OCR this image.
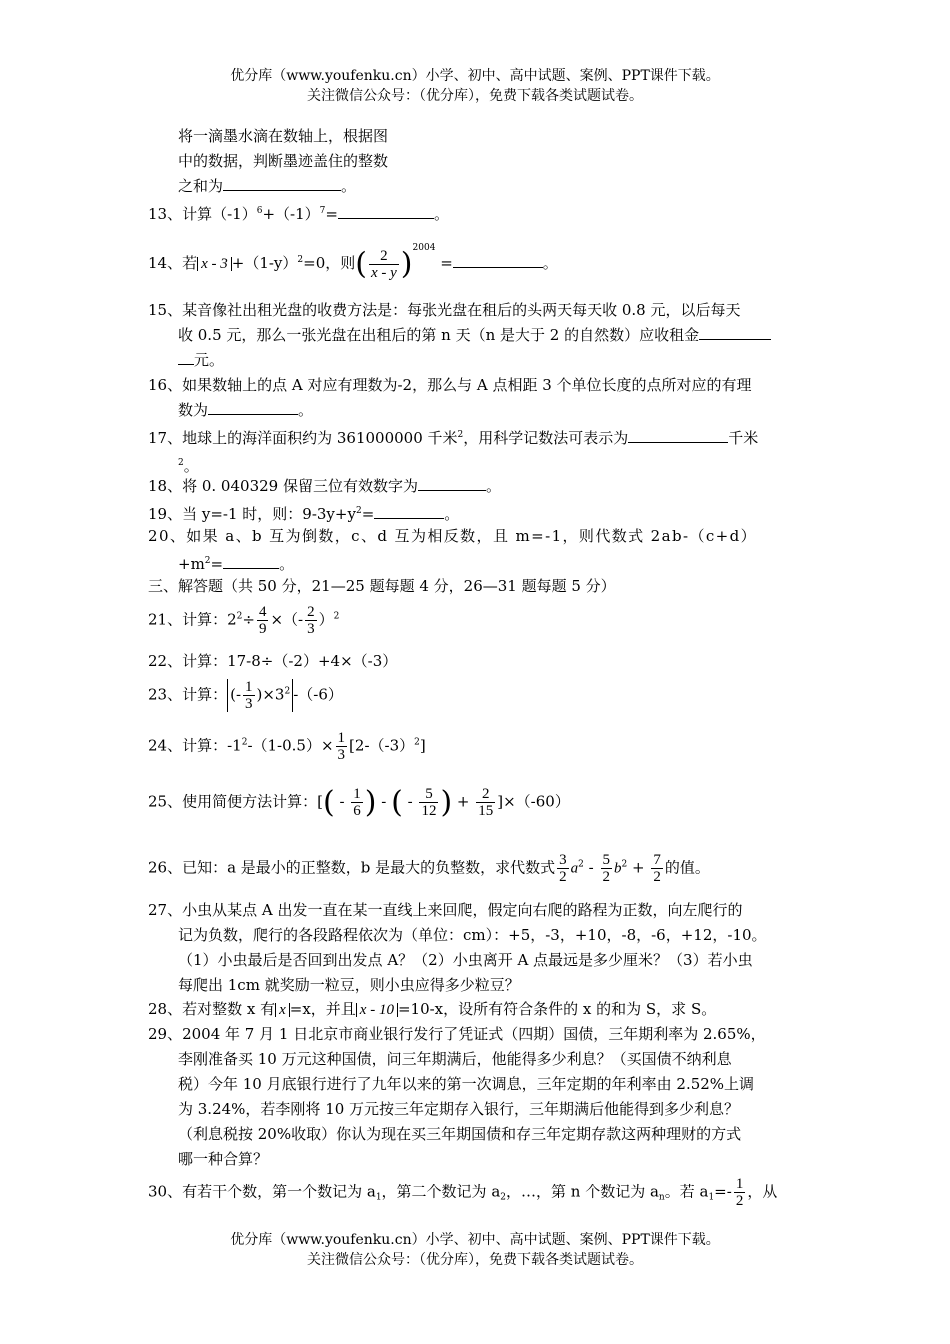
优分库（www.youfenku.cn）小学、初中、高中试题、案例、PPT课件下载。
关注微信公众号：（优分库），免费下载各类试题试卷。
将一滴墨水滴在数轴上，根据图
中的数据，判断墨迹盖住的整数
之和为	。
13、计算$(-1)^6+(-1)^7=$	。
14、若 $x - 3 +(1-y)^2=0$，则( $\frac{2}{x - y} )^{2004}$ =	。
15、某音像社出租光盘的收费方法是：每张光盘在租后的头两天每天收 0.8 元，以后每天
收 0.5 元，那么一张光盘在出租后的第 n 天（n 是大于 2 的自然数）应收租金
元。
16、如果数轴上的点 A 对应有理数为-2，那么与 A 点相距 3 个单位长度的点所对应的有理
数为	。
17、地球上的海洋面积约为 361000000 千米$^2$，用科学记数法可表示为	千米
$^2$。
18、将 0. 040329 保留三位有效数字为	。
19、当 y=-1 时，则：$9-3y+y^2=$	。
20、如果 a、b 互为倒数，c、d 互为相反数，且 m=-1，则代数式 2ab-（c+d）
$+m^2=$	。
三、解答题（共 50 分，21—25 题每题 4 分，26—31 题每题 5 分）
21、计算：$2^2\div \frac{4}{9}$ ×（- $\frac{2}{3} )^2$
22、计算：17-8÷（-2）+4×（-3）
23、计算： (- $\frac{1}{3} )\times 3^2$ -（-6）
24、计算：$-1^2-(1-0.5)\times \frac{1}{3} [2-(-3)^2]$
25、使用简便方法计算：[( - $\frac{1}{6}$ ) - ( - $\frac{5}{12}$ ) + $\frac{2}{15} ]\times(-60)$
26、已知：a 是最小的正整数，b 是最大的负整数，求代数式 $\frac{3}{2} a^2 - \frac{5}{2} b^2 + \frac{7}{2}$ 的值。
27、小虫从某点 A 出发一直在某一直线上来回爬，假定向右爬的路程为正数，向左爬行的
记为负数，爬行的各段路程依次为（单位：cm）：+5，-3，+10，-8，-6，+12，-10。
（1）小虫最后是否回到出发点 A？（2）小虫离开 A 点最远是多少厘米？（3）若小虫
每爬出 1cm 就奖励一粒豆，则小虫应得多少粒豆？
28、若对整数 x 有 x =x，并且 x - 10 =10-x，设所有符合条件的 x 的和为 S，求 S。
29、2004 年 7 月 1 日北京市商业银行发行了凭证式（四期）国债，三年期利率为 2.65%，
李刚准备买 10 万元这种国债，问三年期满后，他能得多少利息？（买国债不纳利息
税）今年 10 月底银行进行了九年以来的第一次调息，三年定期的年利率由 2.52%上调
为 3.24%，若李刚将 10 万元按三年定期存入银行，三年期满后他能得到多少利息？
（利息税按 20%收取）你认为现在买三年期国债和存三年定期存款这两种理财的方式
哪一种合算？
30、有若干个数，第一个数记为 $a_1$，第二个数记为 $a_2$，…，第 n 个数记为 $a_n$。若 $a_1=- \frac{1}{2}$ ，从
优分库（www.youfenku.cn）小学、初中、高中试题、案例、PPT课件下载。
关注微信公众号：（优分库），免费下载各类试题试卷。
